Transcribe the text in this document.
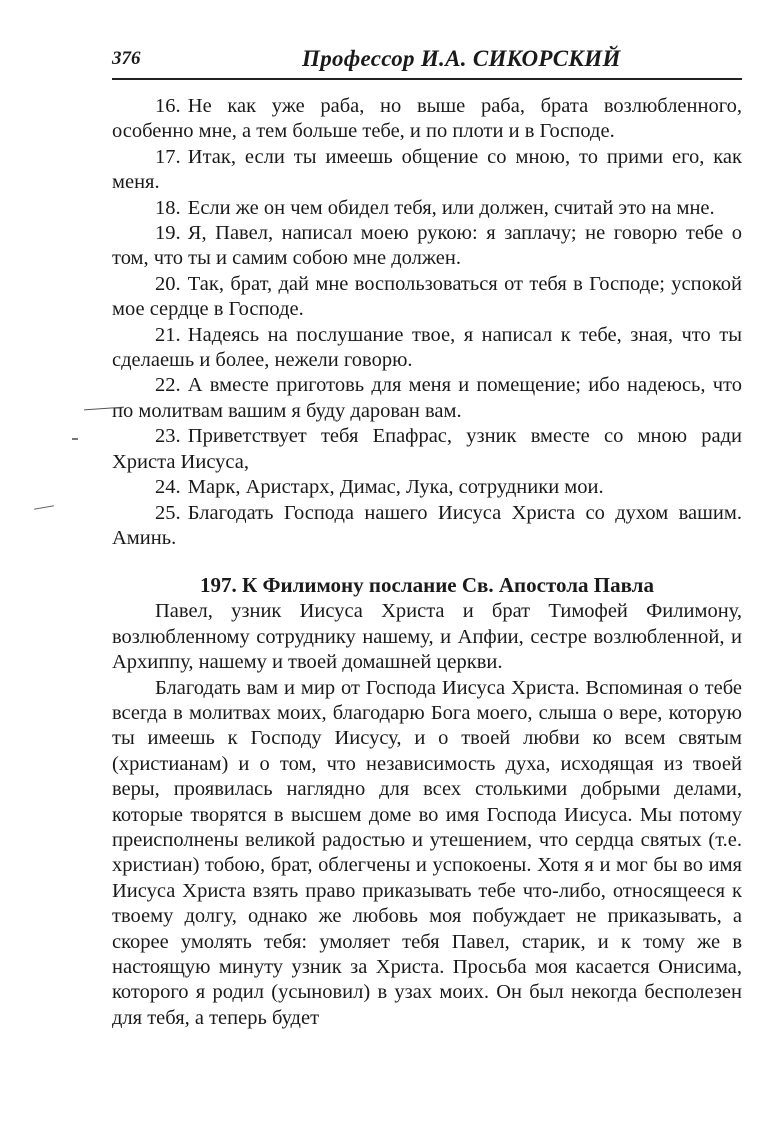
376	Профессор И.А. СИКОРСКИЙ

16. Не как уже раба, но выше раба, брата возлюбленного, особенно мне, а тем больше тебе, и по плоти и в Господе.

17. Итак, если ты имеешь общение со мною, то прими его, как меня.

18. Если же он чем обидел тебя, или должен, считай это на мне.

19. Я, Павел, написал моею рукою: я заплачу; не говорю тебе о том, что ты и самим собою мне должен.

20. Так, брат, дай мне воспользоваться от тебя в Господе; успокой мое сердце в Господе.

21. Надеясь на послушание твое, я написал к тебе, зная, что ты сделаешь и более, нежели говорю.

22. А вместе приготовь для меня и помещение; ибо надеюсь, что по молитвам вашим я буду дарован вам.

23. Приветствует тебя Епафрас, узник вместе со мною ради Христа Иисуса,

24. Марк, Аристарх, Димас, Лука, сотрудники мои.

25. Благодать Господа нашего Иисуса Христа со духом вашим. Аминь.

197. К Филимону послание Св. Апостола Павла

Павел, узник Иисуса Христа и брат Тимофей Филимону, возлюбленному сотруднику нашему, и Апфии, сестре возлюбленной, и Архиппу, нашему и твоей домашней церкви.

Благодать вам и мир от Господа Иисуса Христа. Вспоминая о тебе всегда в молитвах моих, благодарю Бога моего, слыша о вере, которую ты имеешь к Господу Иисусу, и о твоей любви ко всем святым (христианам) и о том, что независимость духа, исходящая из твоей веры, проявилась наглядно для всех столькими добрыми делами, которые творятся в высшем доме во имя Господа Иисуса. Мы потому преисполнены великой радостью и утешением, что сердца святых (т.е. христиан) тобою, брат, облегчены и успокоены. Хотя я и мог бы во имя Иисуса Христа взять право приказывать тебе что-либо, относящееся к твоему долгу, однако же любовь моя побуждает не приказывать, а скорее умолять тебя: умоляет тебя Павел, старик, и к тому же в настоящую минуту узник за Христа. Просьба моя касается Онисима, которого я родил (усыновил) в узах моих. Он был некогда бесполезен для тебя, а теперь будет
